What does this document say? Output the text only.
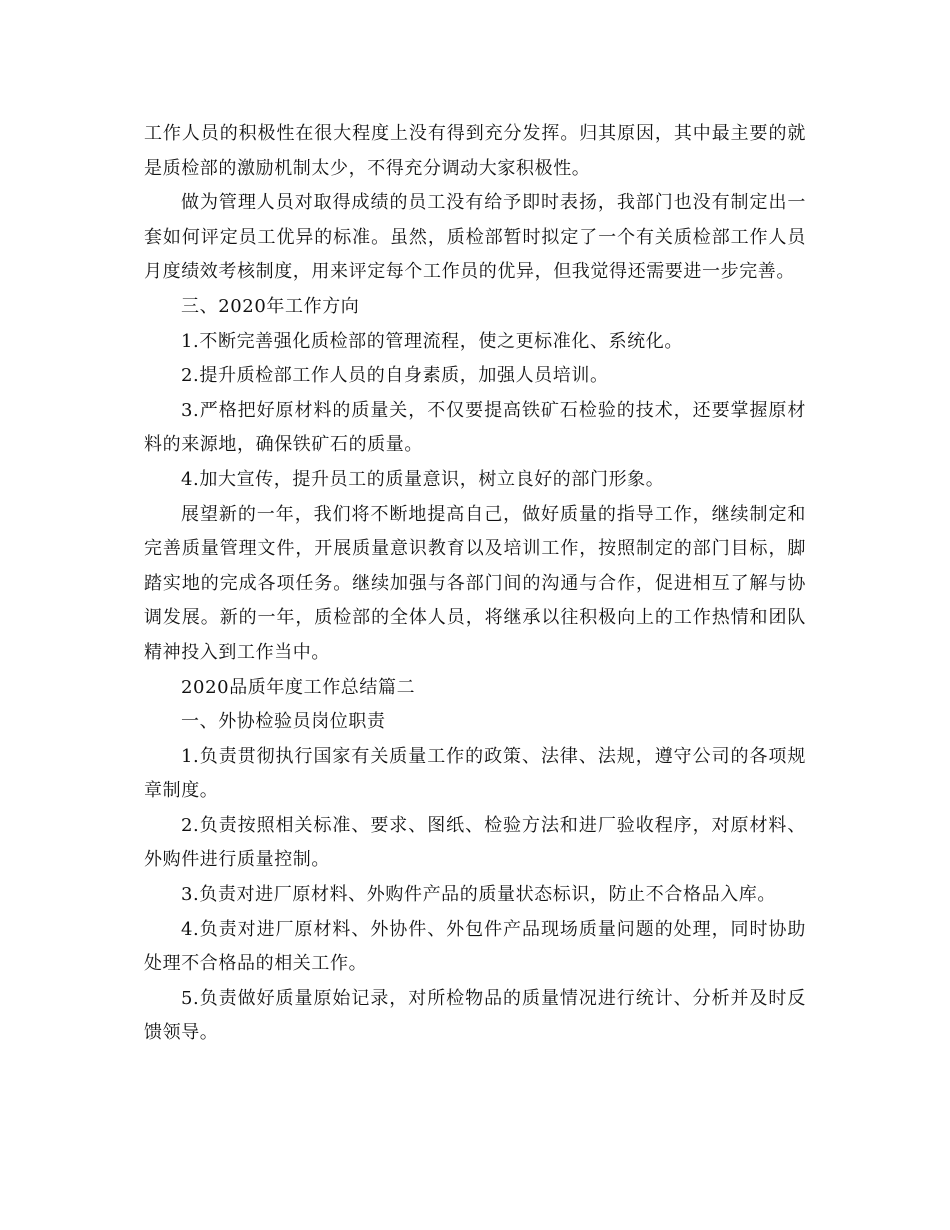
工作人员的积极性在很大程度上没有得到充分发挥。归其原因，其中最主要的就是质检部的激励机制太少，不得充分调动大家积极性。

做为管理人员对取得成绩的员工没有给予即时表扬，我部门也没有制定出一套如何评定员工优异的标准。虽然，质检部暂时拟定了一个有关质检部工作人员月度绩效考核制度，用来评定每个工作员的优异，但我觉得还需要进一步完善。

三、2020年工作方向

1.不断完善强化质检部的管理流程，使之更标准化、系统化。

2.提升质检部工作人员的自身素质，加强人员培训。

3.严格把好原材料的质量关，不仅要提高铁矿石检验的技术，还要掌握原材料的来源地，确保铁矿石的质量。

4.加大宣传，提升员工的质量意识，树立良好的部门形象。

展望新的一年，我们将不断地提高自己，做好质量的指导工作，继续制定和完善质量管理文件，开展质量意识教育以及培训工作，按照制定的部门目标，脚踏实地的完成各项任务。继续加强与各部门间的沟通与合作，促进相互了解与协调发展。新的一年，质检部的全体人员，将继承以往积极向上的工作热情和团队精神投入到工作当中。

2020品质年度工作总结篇二

一、外协检验员岗位职责

1.负责贯彻执行国家有关质量工作的政策、法律、法规，遵守公司的各项规章制度。

2.负责按照相关标准、要求、图纸、检验方法和进厂验收程序，对原材料、外购件进行质量控制。

3.负责对进厂原材料、外购件产品的质量状态标识，防止不合格品入库。

4.负责对进厂原材料、外协件、外包件产品现场质量问题的处理，同时协助处理不合格品的相关工作。

5.负责做好质量原始记录，对所检物品的质量情况进行统计、分析并及时反馈领导。
